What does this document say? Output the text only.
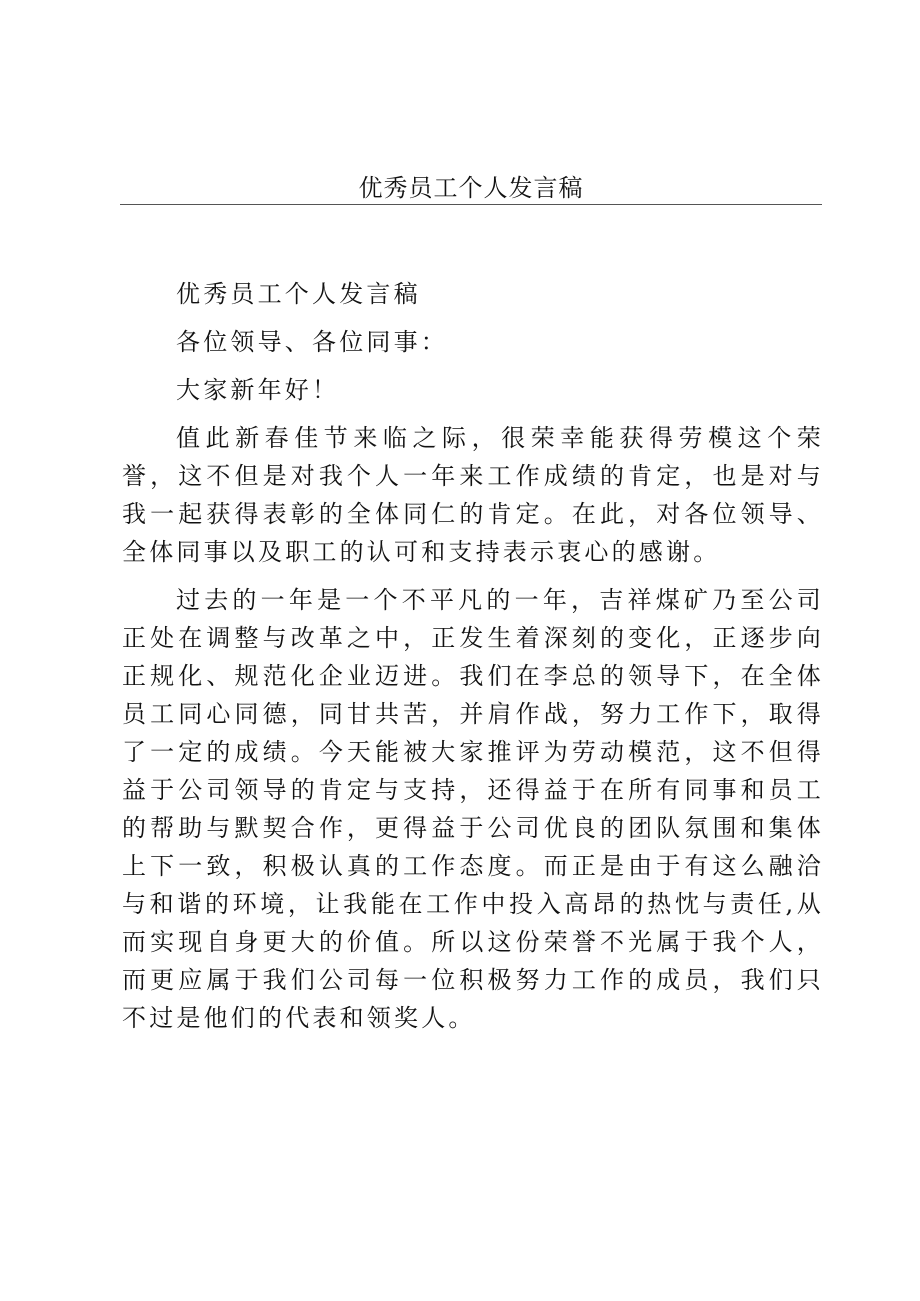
优秀员工个人发言稿

优秀员工个人发言稿

各位领导、各位同事：

大家新年好！

值此新春佳节来临之际，很荣幸能获得劳模这个荣誉，这不但是对我个人一年来工作成绩的肯定，也是对与我一起获得表彰的全体同仁的肯定。在此，对各位领导、全体同事以及职工的认可和支持表示衷心的感谢。

过去的一年是一个不平凡的一年，吉祥煤矿乃至公司正处在调整与改革之中，正发生着深刻的变化，正逐步向正规化、规范化企业迈进。我们在李总的领导下，在全体员工同心同德，同甘共苦，并肩作战，努力工作下，取得了一定的成绩。今天能被大家推评为劳动模范，这不但得益于公司领导的肯定与支持，还得益于在所有同事和员工的帮助与默契合作，更得益于公司优良的团队氛围和集体上下一致，积极认真的工作态度。而正是由于有这么融洽与和谐的环境，让我能在工作中投入高昂的热忱与责任,从而实现自身更大的价值。所以这份荣誉不光属于我个人，而更应属于我们公司每一位积极努力工作的成员，我们只不过是他们的代表和领奖人。
